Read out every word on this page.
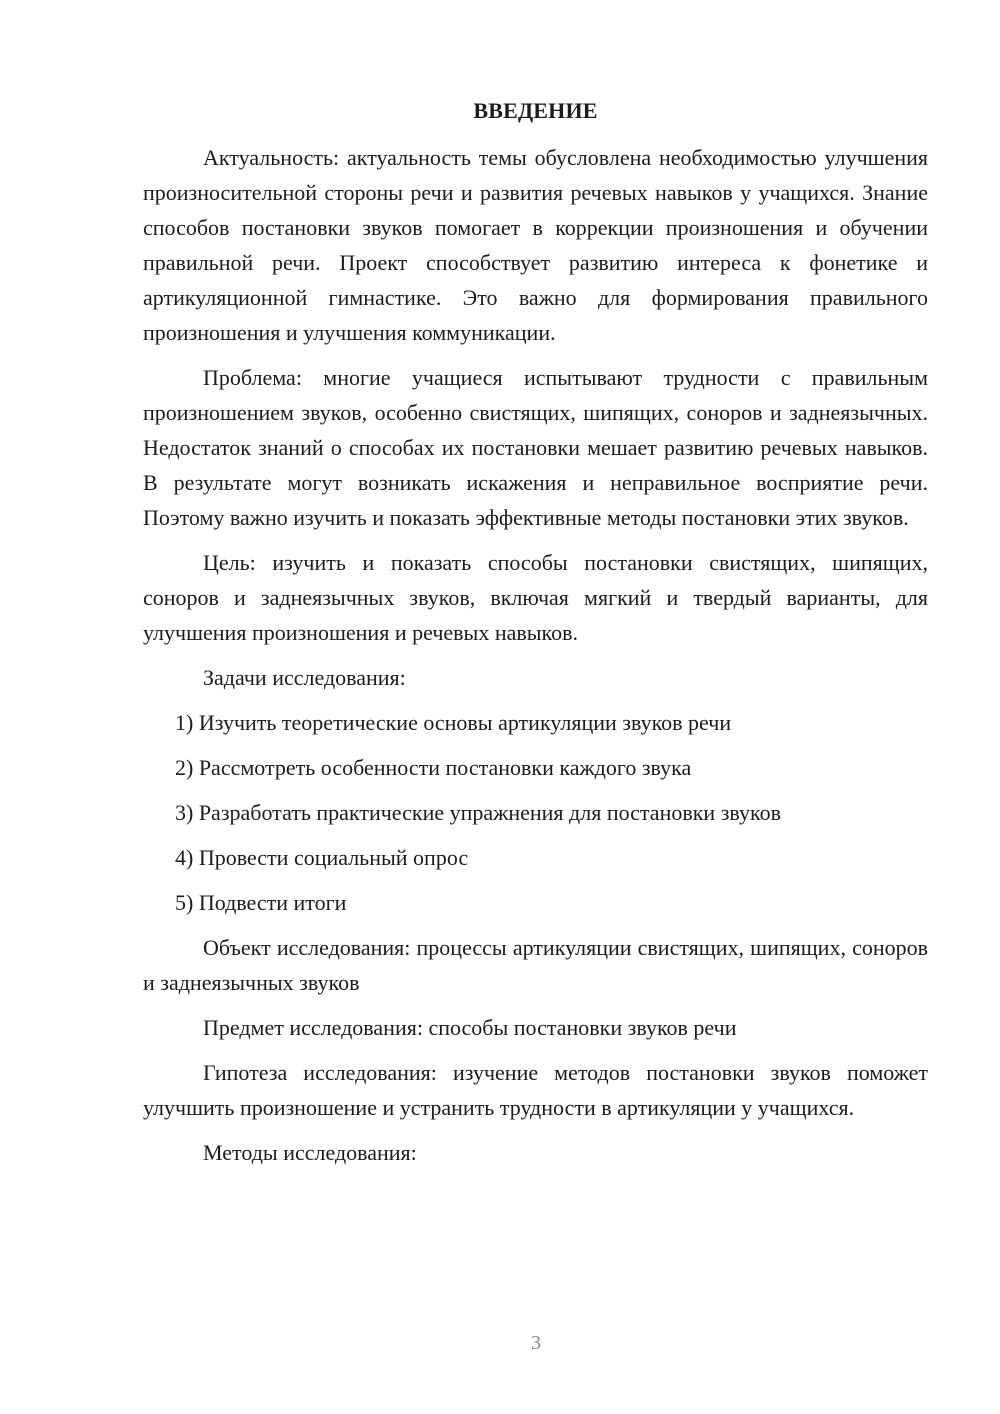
ВВЕДЕНИЕ

Актуальность: актуальность темы обусловлена необходимостью улучшения произносительной стороны речи и развития речевых навыков у учащихся. Знание способов постановки звуков помогает в коррекции произношения и обучении правильной речи. Проект способствует развитию интереса к фонетике и артикуляционной гимнастике. Это важно для формирования правильного произношения и улучшения коммуникации.

Проблема: многие учащиеся испытывают трудности с правильным произношением звуков, особенно свистящих, шипящих, соноров и заднеязычных. Недостаток знаний о способах их постановки мешает развитию речевых навыков. В результате могут возникать искажения и неправильное восприятие речи. Поэтому важно изучить и показать эффективные методы постановки этих звуков.

Цель: изучить и показать способы постановки свистящих, шипящих, соноров и заднеязычных звуков, включая мягкий и твердый варианты, для улучшения произношения и речевых навыков.

Задачи исследования:

1) Изучить теоретические основы артикуляции звуков речи
2) Рассмотреть особенности постановки каждого звука
3) Разработать практические упражнения для постановки звуков
4) Провести социальный опрос
5) Подвести итоги

Объект исследования: процессы артикуляции свистящих, шипящих, соноров и заднеязычных звуков

Предмет исследования: способы постановки звуков речи

Гипотеза исследования: изучение методов постановки звуков поможет улучшить произношение и устранить трудности в артикуляции у учащихся.

Методы исследования:

3
